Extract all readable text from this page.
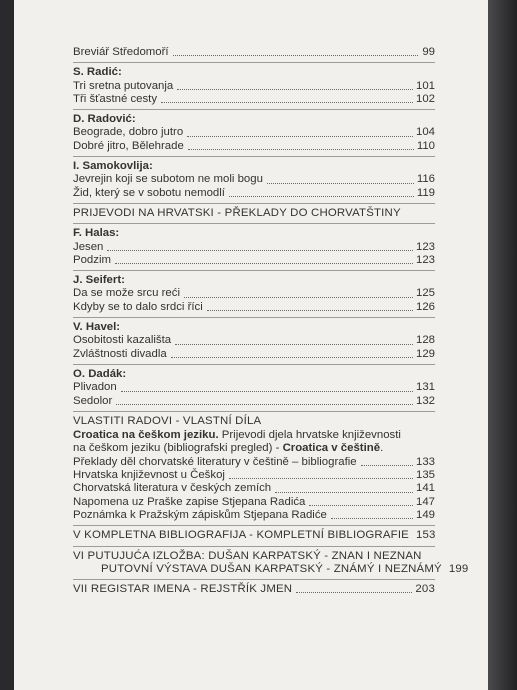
Breviář Středomoří	99
S. Radić:
Tri sretna putovanja	101
Tři šťastné cesty	102
D. Radović:
Beograde, dobro jutro	104
Dobré jitro, Bělehrade	110
I. Samokovlija:
Jevrejin koji se subotom ne moli bogu	116
Žid, který se v sobotu nemodlí	119
PRIJEVODI NA HRVATSKI - PŘEKLADY DO CHORVATŠTINY
F. Halas:
Jesen	123
Podzim	123
J. Seifert:
Da se može srcu reći	125
Kdyby se to dalo srdci říci	126
V. Havel:
Osobitosti kazališta	128
Zvláštnosti divadla	129
O. Dadák:
Plivadon	131
Sedolor	132
VLASTITI RADOVI - VLASTNÍ DÍLA
Croatica na češkom jeziku. Prijevodi djela hrvatske književnosti
na češkom jeziku (bibliografski pregled) - Croatica v češtině.
Překlady děl chorvatské literatury v češtině – bibliografie	133
Hrvatska književnost u Češkoj	135
Chorvatská literatura v českých zemích	141
Napomena uz Praške zapise Stjepana Radića	147
Poznámka k Pražským zápiskům Stjepana Radiće	149
V KOMPLETNA BIBLIOGRAFIJA - KOMPLETNÍ BIBLIOGRAFIE 153
VI PUTUJUĆA IZLOŽBA: DUŠAN KARPATSKÝ - ZNAN I NEZNAN
PUTOVNÍ VÝSTAVA DUŠAN KARPATSKÝ - ZNÁMÝ I NEZNÁMÝ 199
VII REGISTAR IMENA - REJSTŘÍK JMEN	203
